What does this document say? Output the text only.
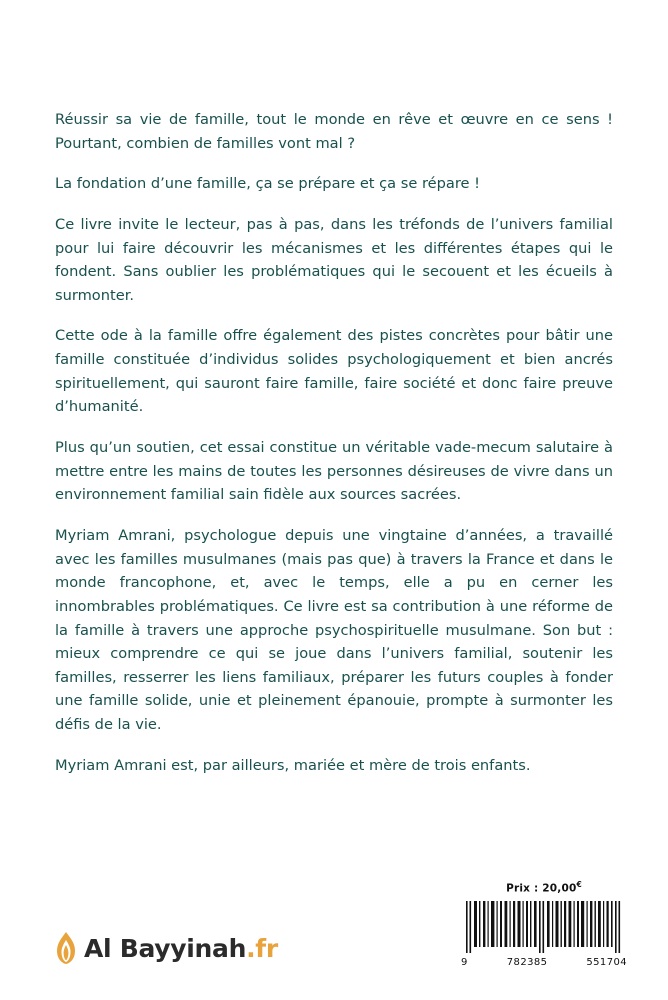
Réussir sa vie de famille, tout le monde en rêve et œuvre en ce sens ! Pourtant, combien de familles vont mal ?

La fondation d’une famille, ça se prépare et ça se répare !

Ce livre invite le lecteur, pas à pas, dans les tréfonds de l’univers familial pour lui faire découvrir les mécanismes et les différentes étapes qui le fondent. Sans oublier les problématiques qui le secouent et les écueils à surmonter.

Cette ode à la famille offre également des pistes concrètes pour bâtir une famille constituée d’individus solides psychologiquement et bien ancrés spirituellement, qui sauront faire famille, faire société et donc faire preuve d’humanité.

Plus qu’un soutien, cet essai constitue un véritable vade-mecum salutaire à mettre entre les mains de toutes les personnes désireuses de vivre dans un environnement familial sain fidèle aux sources sacrées.

Myriam Amrani, psychologue depuis une vingtaine d’années, a travaillé avec les familles musulmanes (mais pas que) à travers la France et dans le monde francophone, et, avec le temps, elle a pu en cerner les innombrables problématiques. Ce livre est sa contribution à une réforme de la famille à travers une approche psychospirituelle musulmane. Son but : mieux comprendre ce qui se joue dans l’univers familial, soutenir les familles, resserrer les liens familiaux, préparer les futurs couples à fonder une famille solide, unie et pleinement épanouie, prompte à surmonter les défis de la vie.

Myriam Amrani est, par ailleurs, mariée et mère de trois enfants.

Al Bayyinah.fr
Prix : 20,00€
9	782385	551704
